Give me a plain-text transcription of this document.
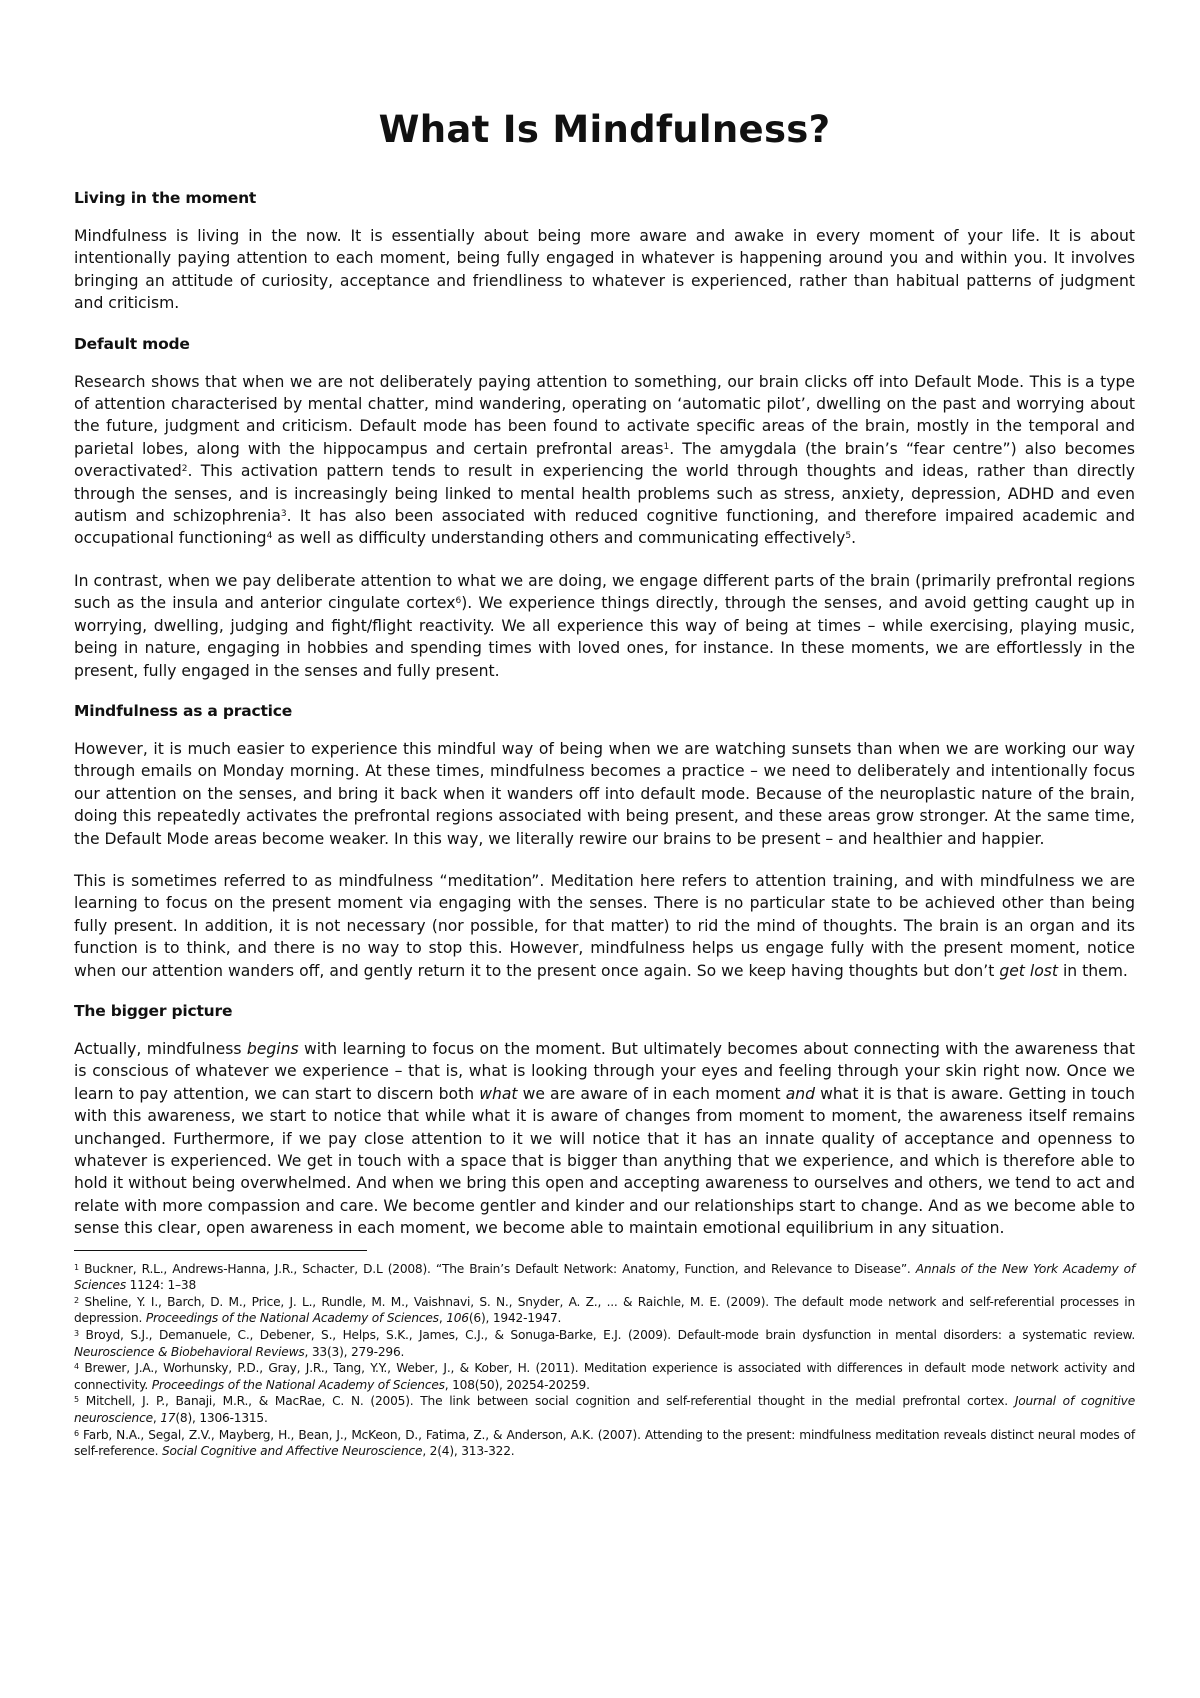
What Is Mindfulness?
Living in the moment

Mindfulness is living in the now. It is essentially about being more aware and awake in every moment of your life. It is about intentionally paying attention to each moment, being fully engaged in whatever is happening around you and within you. It involves bringing an attitude of curiosity, acceptance and friendliness to whatever is experienced, rather than habitual patterns of judgment and criticism.

Default mode

Research shows that when we are not deliberately paying attention to something, our brain clicks off into Default Mode. This is a type of attention characterised by mental chatter, mind wandering, operating on ‘automatic pilot’, dwelling on the past and worrying about the future, judgment and criticism. Default mode has been found to activate specific areas of the brain, mostly in the temporal and parietal lobes, along with the hippocampus and certain prefrontal areas$^1$. The amygdala (the brain’s “fear centre”) also becomes overactivated$^2$. This activation pattern tends to result in experiencing the world through thoughts and ideas, rather than directly through the senses, and is increasingly being linked to mental health problems such as stress, anxiety, depression, ADHD and even autism and schizophrenia$^3$. It has also been associated with reduced cognitive functioning, and therefore impaired academic and occupational functioning$^4$ as well as difficulty understanding others and communicating effectively$^5$.

In contrast, when we pay deliberate attention to what we are doing, we engage different parts of the brain (primarily prefrontal regions such as the insula and anterior cingulate cortex$^6$). We experience things directly, through the senses, and avoid getting caught up in worrying, dwelling, judging and fight/flight reactivity. We all experience this way of being at times – while exercising, playing music, being in nature, engaging in hobbies and spending times with loved ones, for instance. In these moments, we are effortlessly in the present, fully engaged in the senses and fully present.

Mindfulness as a practice

However, it is much easier to experience this mindful way of being when we are watching sunsets than when we are working our way through emails on Monday morning. At these times, mindfulness becomes a practice – we need to deliberately and intentionally focus our attention on the senses, and bring it back when it wanders off into default mode. Because of the neuroplastic nature of the brain, doing this repeatedly activates the prefrontal regions associated with being present, and these areas grow stronger. At the same time, the Default Mode areas become weaker. In this way, we literally rewire our brains to be present – and healthier and happier.

This is sometimes referred to as mindfulness “meditation”. Meditation here refers to attention training, and with mindfulness we are learning to focus on the present moment via engaging with the senses. There is no particular state to be achieved other than being fully present. In addition, it is not necessary (nor possible, for that matter) to rid the mind of thoughts. The brain is an organ and its function is to think, and there is no way to stop this. However, mindfulness helps us engage fully with the present moment, notice when our attention wanders off, and gently return it to the present once again. So we keep having thoughts but don’t get lost in them.

The bigger picture

Actually, mindfulness begins with learning to focus on the moment. But ultimately becomes about connecting with the awareness that is conscious of whatever we experience – that is, what is looking through your eyes and feeling through your skin right now. Once we learn to pay attention, we can start to discern both what we are aware of in each moment and what it is that is aware. Getting in touch with this awareness, we start to notice that while what it is aware of changes from moment to moment, the awareness itself remains unchanged. Furthermore, if we pay close attention to it we will notice that it has an innate quality of acceptance and openness to whatever is experienced. We get in touch with a space that is bigger than anything that we experience, and which is therefore able to hold it without being overwhelmed. And when we bring this open and accepting awareness to ourselves and others, we tend to act and relate with more compassion and care. We become gentler and kinder and our relationships start to change. And as we become able to sense this clear, open awareness in each moment, we become able to maintain emotional equilibrium in any situation.

$^1$ Buckner, R.L., Andrews-Hanna, J.R., Schacter, D.L (2008). “The Brain’s Default Network: Anatomy, Function, and Relevance to Disease”. Annals of the New York Academy of Sciences 1124: 1–38

$^2$ Sheline, Y. I., Barch, D. M., Price, J. L., Rundle, M. M., Vaishnavi, S. N., Snyder, A. Z., ... & Raichle, M. E. (2009). The default mode network and self-referential processes in depression. Proceedings of the National Academy of Sciences, 106(6), 1942-1947.

$^3$ Broyd, S.J., Demanuele, C., Debener, S., Helps, S.K., James, C.J., & Sonuga-Barke, E.J. (2009). Default-mode brain dysfunction in mental disorders: a systematic review. Neuroscience & Biobehavioral Reviews, 33(3), 279-296.

$^4$ Brewer, J.A., Worhunsky, P.D., Gray, J.R., Tang, Y.Y., Weber, J., & Kober, H. (2011). Meditation experience is associated with differences in default mode network activity and connectivity. Proceedings of the National Academy of Sciences, 108(50), 20254-20259.

$^5$ Mitchell, J. P., Banaji, M.R., & MacRae, C. N. (2005). The link between social cognition and self-referential thought in the medial prefrontal cortex. Journal of cognitive neuroscience, 17(8), 1306-1315.

$^6$ Farb, N.A., Segal, Z.V., Mayberg, H., Bean, J., McKeon, D., Fatima, Z., & Anderson, A.K. (2007). Attending to the present: mindfulness meditation reveals distinct neural modes of self-reference. Social Cognitive and Affective Neuroscience, 2(4), 313-322.
